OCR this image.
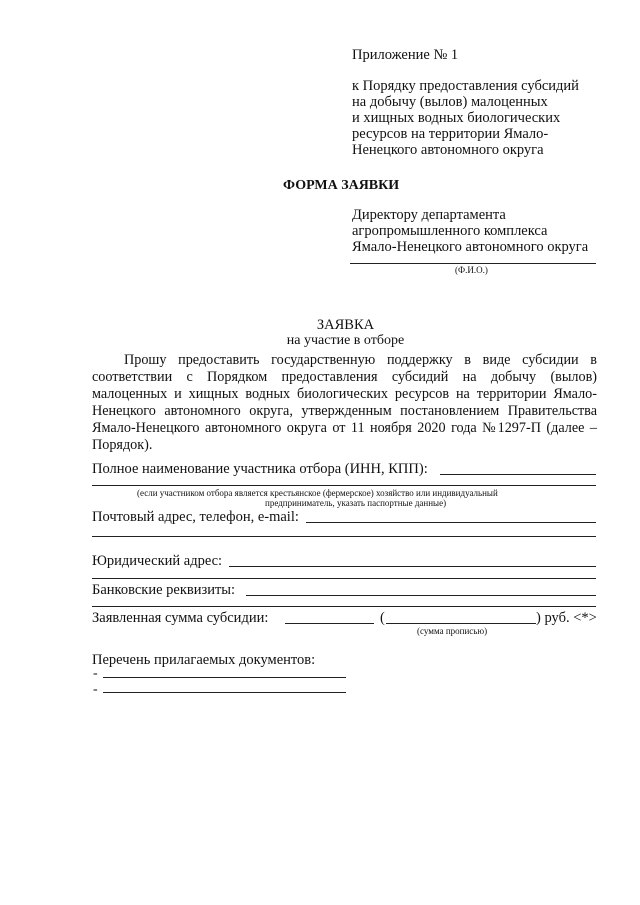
Приложение № 1
к Порядку предоставления субсидий
на добычу (вылов) малоценных
и хищных водных биологических
ресурсов на территории Ямало-
Ненецкого автономного округа
ФОРМА ЗАЯВКИ
Директору департамента
агропромышленного комплекса
Ямало-Ненецкого автономного округа
(Ф.И.О.)
ЗАЯВКА
на участие в отборе
Прошу предоставить государственную поддержку в виде субсидии в
соответствии с Порядком предоставления субсидий на добычу (вылов)
малоценных и хищных водных биологических ресурсов на территории Ямало-
Ненецкого автономного округа, утвержденным постановлением Правительства
Ямало-Ненецкого автономного округа от 11 ноября 2020 года №1297-П (далее –
Порядок).
Полное наименование участника отбора (ИНН, КПП):
(если участником отбора является крестьянское (фермерское) хозяйство или индивидуальный
предприниматель, указать паспортные данные)
Почтовый адрес, телефон, e-mail:
Юридический адрес:
Банковские реквизиты:
Заявленная сумма субсидии:	(	) руб. <*>
(сумма прописью)
Перечень прилагаемых документов:
-
-
